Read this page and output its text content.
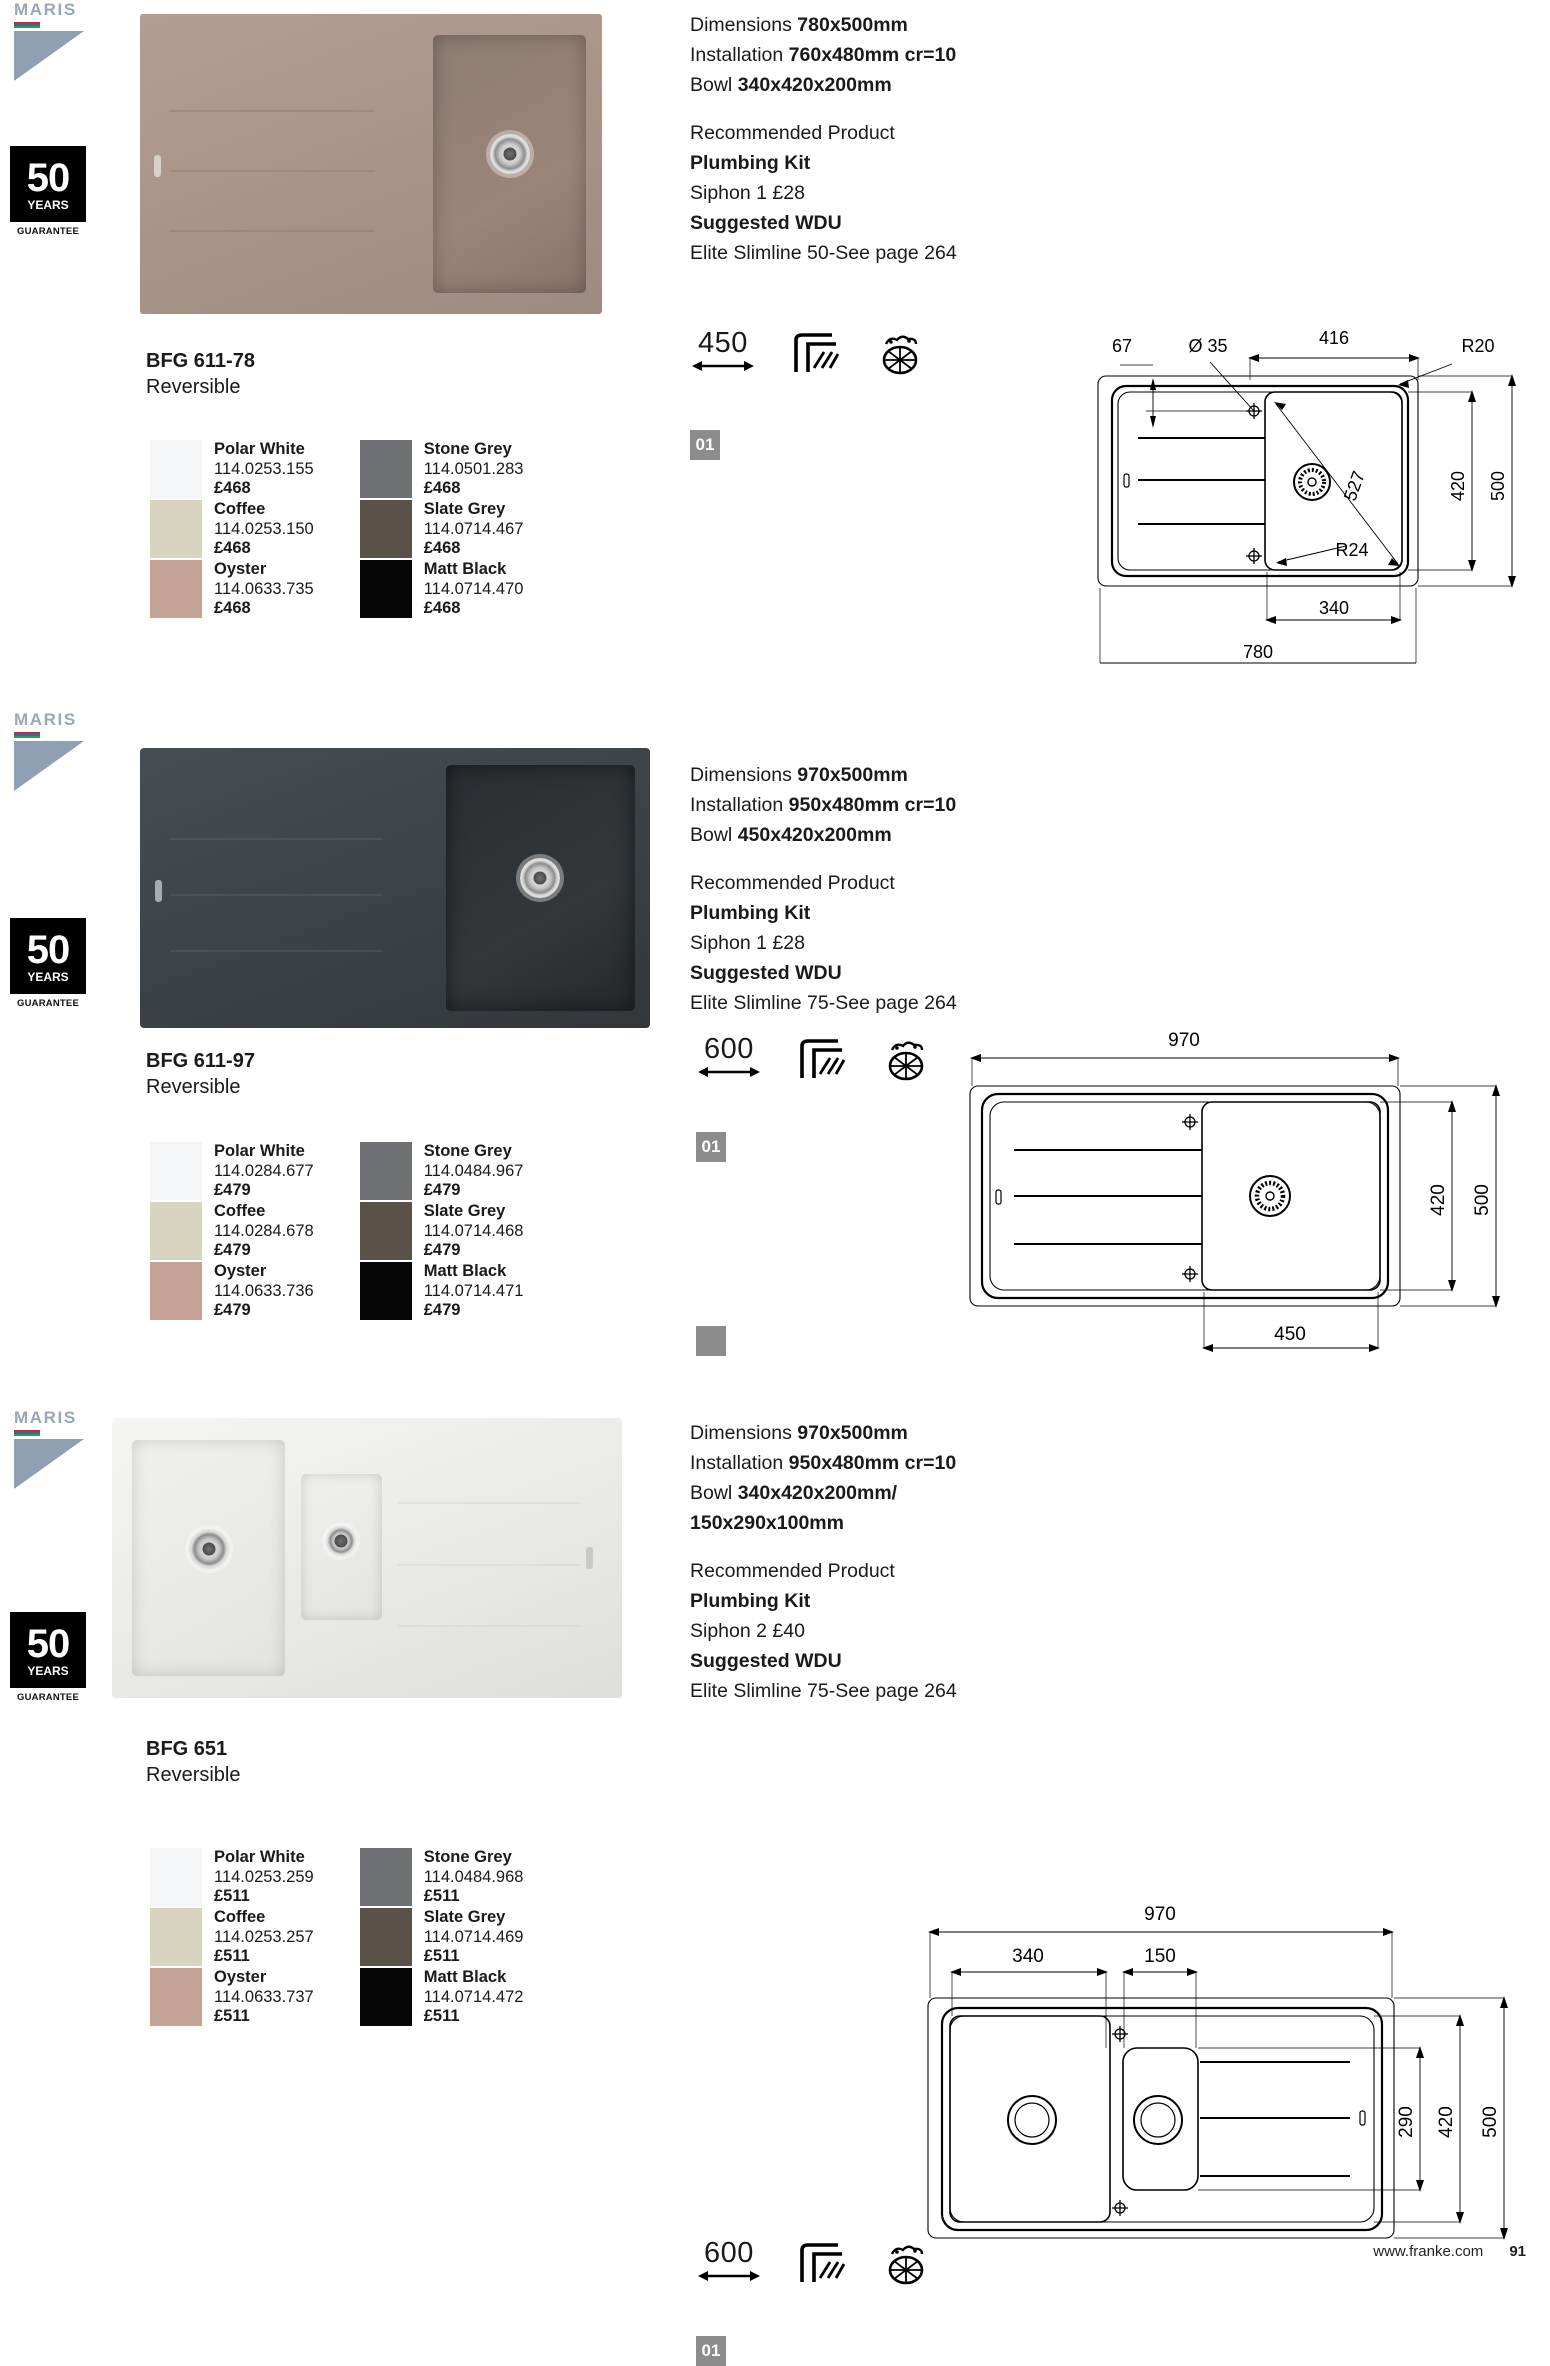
MARIS
50
YEARS
GUARANTEE
Dimensions 780x500mm
Installation 760x480mm cr=10
Bowl 340x420x200mm
Recommended Product
Plumbing Kit
Siphon 1 £28
Suggested WDU
Elite Slimline 50-See page 264
BFG 611-78
Reversible
Polar White
114.0253.155
£468
Coffee
114.0253.150
£468
Oyster
114.0633.735
£468
Stone Grey
114.0501.283
£468
Slate Grey
114.0714.467
£468
Matt Black
114.0714.470
£468
450
01
67	Ø 35	416	R20
R24
527
340
420 500
780
MARIS
50
YEARS
GUARANTEE
Dimensions 970x500mm
Installation 950x480mm cr=10
Bowl 450x420x200mm
Recommended Product
Plumbing Kit
Siphon 1 £28
Suggested WDU
Elite Slimline 75-See page 264
BFG 611-97
Reversible
Polar White
114.0284.677
£479
Coffee
114.0284.678
£479
Oyster
114.0633.736
£479
Stone Grey
114.0484.967
£479
Slate Grey
114.0714.468
£479
Matt Black
114.0714.471
£479
600
01
970
420 500
450
MARIS
50
YEARS
GUARANTEE
Dimensions 970x500mm
Installation 950x480mm cr=10
Bowl 340x420x200mm/
150x290x100mm
Recommended Product
Plumbing Kit
Siphon 2 £40
Suggested WDU
Elite Slimline 75-See page 264
BFG 651
Reversible
Polar White
114.0253.259
£511
Coffee
114.0253.257
£511
Oyster
114.0633.737
£511
Stone Grey
114.0484.968
£511
Slate Grey
114.0714.469
£511
Matt Black
114.0714.472
£511
600
01
970
340	150
290 420 500
www.franke.com 91
